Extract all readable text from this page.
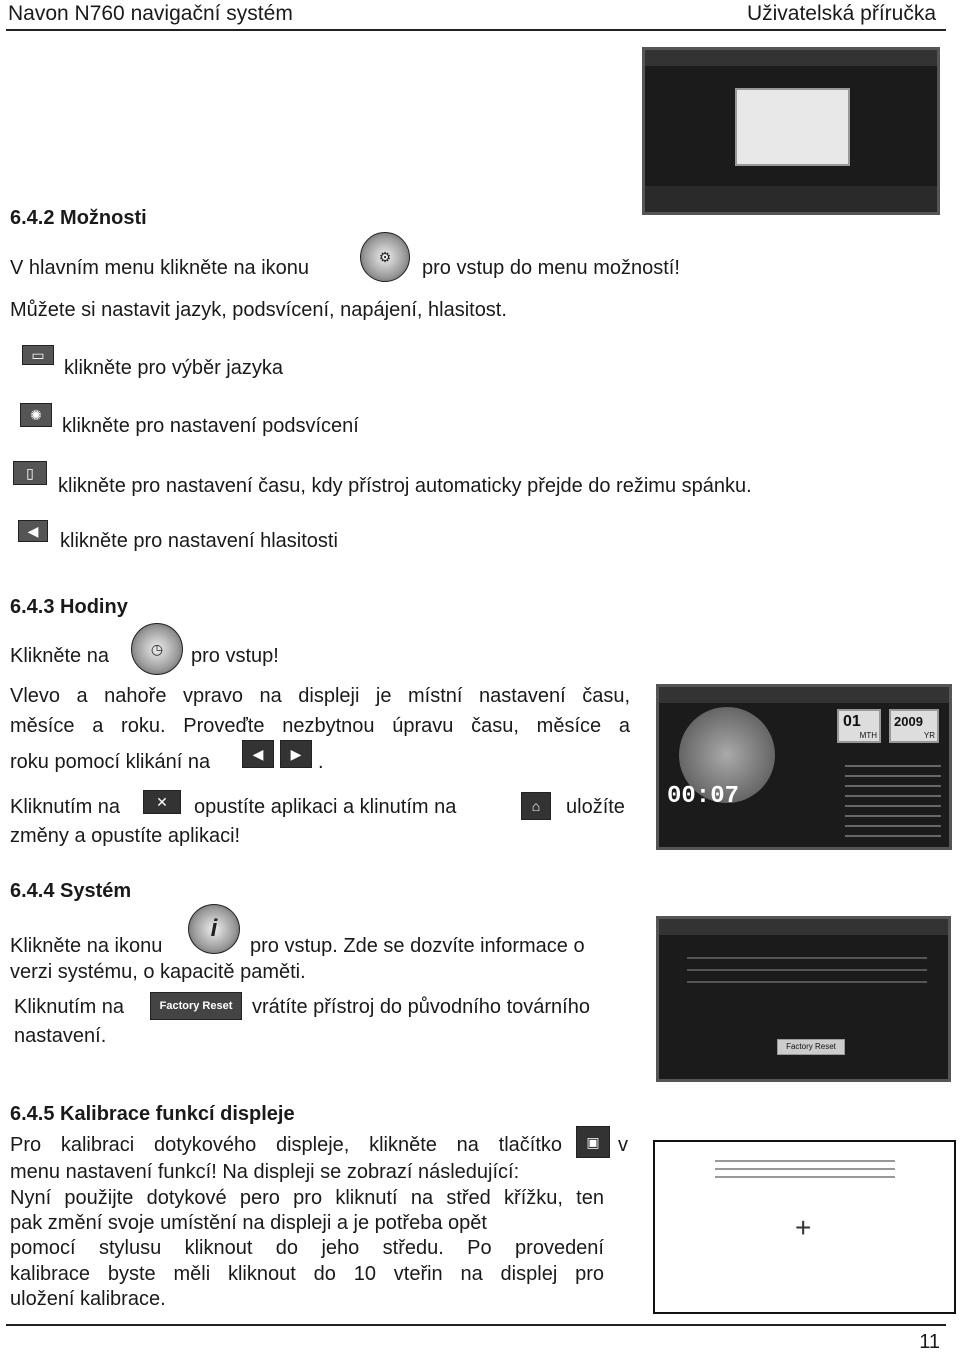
Navon N760 navigační systém	Uživatelská příručka
6.4.2 Možnosti
V hlavním menu klikněte na ikonu
⚙
pro vstup do menu možností!
Můžete si nastavit jazyk, podsvícení, napájení, hlasitost.
▭
klikněte pro výběr jazyka
✺
klikněte pro nastavení podsvícení
▯
klikněte pro nastavení času, kdy přístroj automaticky přejde do režimu spánku.
◀	klikněte pro nastavení hlasitosti
6.4.3 Hodiny
Klikněte na	◷	pro vstup!
Vlevo a nahoře vpravo na displeji je místní nastavení času,
měsíce a roku. Proveďte nezbytnou úpravu času, měsíce a
roku pomocí klikání na	◀	▶ .
Kliknutím na	✕	opustíte aplikaci a klinutím na	⌂	uložíte
změny a opustíte aplikaci!
00:07
01
MTH
2009
YR
6.4.4 Systém
Klikněte na ikonu
i
pro vstup. Zde se dozvíte informace o
verzi systému, o kapacitě paměti.
Kliknutím na	Factory Reset vrátíte přístroj do původního továrního
nastavení.	Factory Reset
6.4.5 Kalibrace funkcí displeje
Pro kalibraci dotykového displeje, klikněte na tlačítko	▣ v
menu nastavení funkcí! Na displeji se zobrazí následující:
Nyní použijte dotykové pero pro kliknutí na střed křížku, ten
pak změní svoje umístění na displeji a je potřeba opět
pomocí stylusu kliknout do jeho středu. Po provedení
kalibrace byste měli kliknout do 10 vteřin na displej pro
uložení kalibrace.
+
11
